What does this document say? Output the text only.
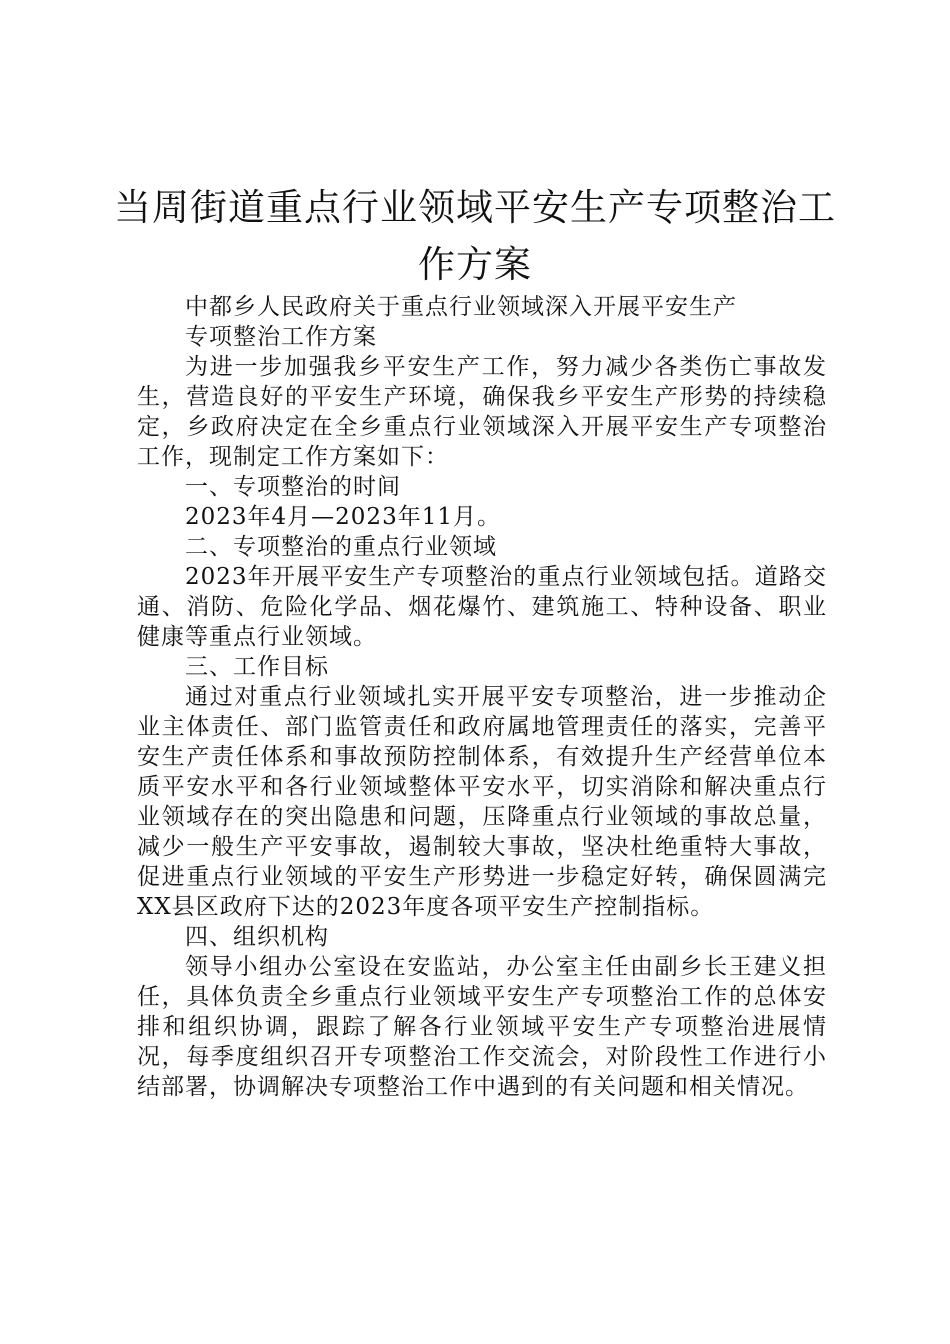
当周街道重点行业领域平安生产专项整治工
作方案

中都乡人民政府关于重点行业领域深入开展平安生产

专项整治工作方案

为进一步加强我乡平安生产工作，努力减少各类伤亡事故发生，营造良好的平安生产环境，确保我乡平安生产形势的持续稳定，乡政府决定在全乡重点行业领域深入开展平安生产专项整治工作，现制定工作方案如下：

一、专项整治的时间

2023年4月—2023年11月。

二、专项整治的重点行业领域

2023年开展平安生产专项整治的重点行业领域包括。道路交通、消防、危险化学品、烟花爆竹、建筑施工、特种设备、职业健康等重点行业领域。

三、工作目标

通过对重点行业领域扎实开展平安专项整治，进一步推动企业主体责任、部门监管责任和政府属地管理责任的落实，完善平安生产责任体系和事故预防控制体系，有效提升生产经营单位本质平安水平和各行业领域整体平安水平，切实消除和解决重点行业领域存在的突出隐患和问题，压降重点行业领域的事故总量，减少一般生产平安事故，遏制较大事故，坚决杜绝重特大事故，促进重点行业领域的平安生产形势进一步稳定好转，确保圆满完XX县区政府下达的2023年度各项平安生产控制指标。

四、组织机构

领导小组办公室设在安监站，办公室主任由副乡长王建义担任，具体负责全乡重点行业领域平安生产专项整治工作的总体安排和组织协调，跟踪了解各行业领域平安生产专项整治进展情况，每季度组织召开专项整治工作交流会，对阶段性工作进行小结部署，协调解决专项整治工作中遇到的有关问题和相关情况。
